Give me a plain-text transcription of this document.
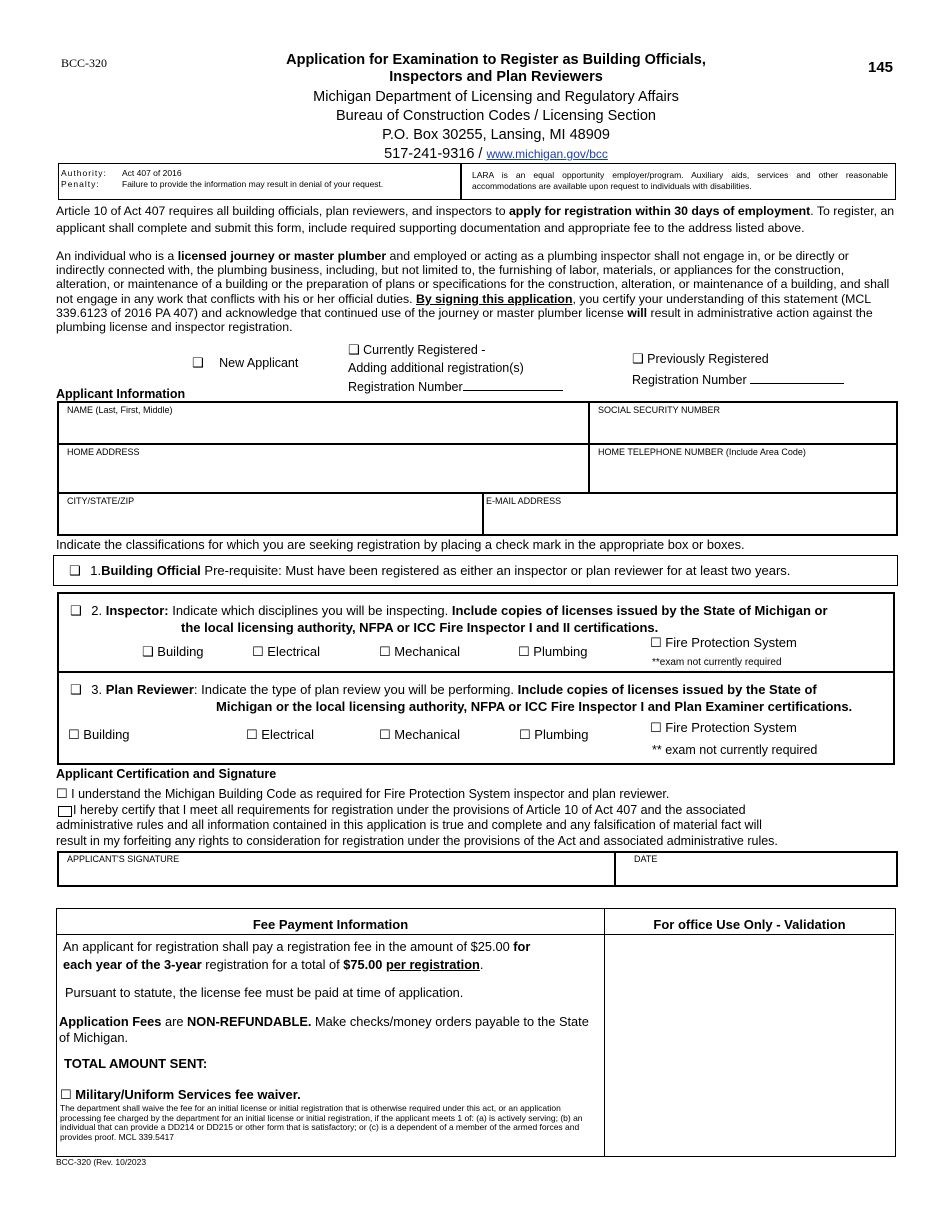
BCC-320	145
Application for Examination to Register as Building Officials,
Inspectors and Plan Reviewers
Michigan Department of Licensing and Regulatory Affairs
Bureau of Construction Codes / Licensing Section
P.O. Box 30255, Lansing, MI 48909
517-241-9316 / www.michigan.gov/bcc
Authority: Act 407 of 2016
Penalty:	Failure to provide the information may result in denial of your request.
LARA is an equal opportunity employer/program. Auxiliary aids, services and other reasonable accommodations are available upon request to individuals with disabilities.
Article 10 of Act 407 requires all building officials, plan reviewers, and inspectors to apply for registration within 30 days of employment. To register, an applicant shall complete and submit this form, include required supporting documentation and appropriate fee to the address listed above.
An individual who is a licensed journey or master plumber and employed or acting as a plumbing inspector shall not engage in, or be directly or indirectly connected with, the plumbing business, including, but not limited to, the furnishing of labor, materials, or appliances for the construction, alteration, or maintenance of a building or the preparation of plans or specifications for the construction, alteration, or maintenance of a building, and shall not engage in any work that conflicts with his or her official duties. By signing this application, you certify your understanding of this statement (MCL 339.6123 of 2016 PA 407) and acknowledge that continued use of the journey or master plumber license will result in administrative action against the plumbing license and inspector registration.
❑ New Applicant
❑ Currently Registered -
Adding additional registration(s)
Registration Number
❑ Previously Registered
Registration Number
Applicant Information
NAME (Last, First, Middle)	SOCIAL SECURITY NUMBER
HOME ADDRESS	HOME TELEPHONE NUMBER (Include Area Code)
CITY/STATE/ZIP	E-MAIL ADDRESS
Indicate the classifications for which you are seeking registration by placing a check mark in the appropriate box or boxes.
❑ 1.Building Official Pre-requisite: Must have been registered as either an inspector or plan reviewer for at least two years.
❑ 2. Inspector: Indicate which disciplines you will be inspecting. Include copies of licenses issued by the State of Michigan or
the local licensing authority, NFPA or ICC Fire Inspector I and II certifications.
❑ Building	☐ Electrical	☐ Mechanical	☐ Plumbing
☐ Fire Protection System
**exam not currently required
❑ 3. Plan Reviewer: Indicate the type of plan review you will be performing. Include copies of licenses issued by the State of
Michigan or the local licensing authority, NFPA or ICC Fire Inspector I and Plan Examiner certifications.
☐ Building	☐ Electrical	☐ Mechanical	☐ Plumbing	☐ Fire Protection System
** exam not currently required
Applicant Certification and Signature
☐ I understand the Michigan Building Code as required for Fire Protection System inspector and plan reviewer.
I hereby certify that I meet all requirements for registration under the provisions of Article 10 of Act 407 and the associated
administrative rules and all information contained in this application is true and complete and any falsification of material fact will
result in my forfeiting any rights to consideration for registration under the provisions of the Act and associated administrative rules.
APPLICANT'S SIGNATURE	DATE
Fee Payment Information
An applicant for registration shall pay a registration fee in the amount of $25.00 for
each year of the 3-year registration for a total of $75.00 per registration.
Pursuant to statute, the license fee must be paid at time of application.
Application Fees are NON-REFUNDABLE. Make checks/money orders payable to the State of Michigan.
TOTAL AMOUNT SENT:
☐ Military/Uniform Services fee waiver.
The department shall waive the fee for an initial license or initial registration that is otherwise required under this act, or an application processing fee charged by the department for an initial license or initial registration, if the applicant meets 1 of: (a) is actively serving; (b) an individual that can provide a DD214 or DD215 or other form that is satisfactory; or (c) is a dependent of a member of the armed forces and provides proof. MCL 339.5417
For office Use Only - Validation
BCC-320 (Rev. 10/2023
